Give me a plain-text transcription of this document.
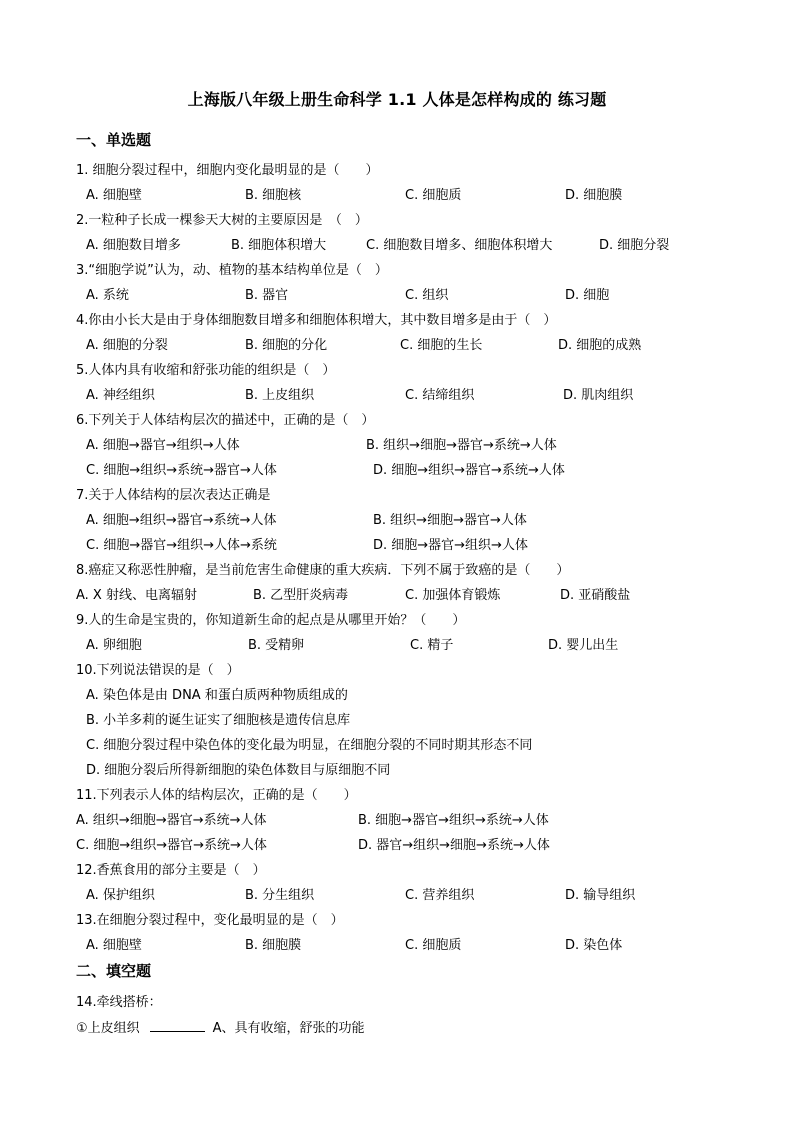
上海版八年级上册生命科学 1.1 人体是怎样构成的 练习题
一、单选题
1. 细胞分裂过程中，细胞内变化最明显的是（　　）
A. 细胞壁	B. 细胞核	C. 细胞质	D. 细胞膜
2.一粒种子长成一棵参天大树的主要原因是　（　）
A. 细胞数目增多	B. 细胞体积增大	C. 细胞数目增多、细胞体积增大	D. 细胞分裂
3.“细胞学说”认为，动、植物的基本结构单位是（　）
A. 系统	B. 器官	C. 组织	D. 细胞
4.你由小长大是由于身体细胞数目增多和细胞体积增大，其中数目增多是由于（　）
A. 细胞的分裂	B. 细胞的分化	C. 细胞的生长	D. 细胞的成熟
5.人体内具有收缩和舒张功能的组织是（　）
A. 神经组织	B. 上皮组织	C. 结缔组织	D. 肌肉组织
6.下列关于人体结构层次的描述中，正确的是（　）
A. 细胞→器官→组织→人体	B. 组织→细胞→器官→系统→人体
C. 细胞→组织→系统→器官→人体	D. 细胞→组织→器官→系统→人体
7.关于人体结构的层次表达正确是
A. 细胞→组织→器官→系统→人体	B. 组织→细胞→器官→人体
C. 细胞→器官→组织→人体→系统	D. 细胞→器官→组织→人体
8.癌症又称恶性肿瘤，是当前危害生命健康的重大疾病．下列不属于致癌的是（　　）
A. X 射线、电离辐射	B. 乙型肝炎病毒	C. 加强体育锻炼	D. 亚硝酸盐
9.人的生命是宝贵的，你知道新生命的起点是从哪里开始？（　　）
A. 卵细胞	B. 受精卵	C. 精子	D. 婴儿出生
10.下列说法错误的是（　）
A. 染色体是由 DNA 和蛋白质两种物质组成的
B. 小羊多莉的诞生证实了细胞核是遗传信息库
C. 细胞分裂过程中染色体的变化最为明显，在细胞分裂的不同时期其形态不同
D. 细胞分裂后所得新细胞的染色体数目与原细胞不同
11.下列表示人体的结构层次，正确的是（　　）
A. 组织→细胞→器官→系统→人体	B. 细胞→器官→组织→系统→人体
C. 细胞→组织→器官→系统→人体	D. 器官→组织→细胞→系统→人体
12.香蕉食用的部分主要是（　）
A. 保护组织	B. 分生组织	C. 营养组织	D. 输导组织
13.在细胞分裂过程中，变化最明显的是（　）
A. 细胞壁	B. 细胞膜	C. 细胞质	D. 染色体
二、填空题
14.牵线搭桥：
①上皮组织	A、具有收缩，舒张的功能
